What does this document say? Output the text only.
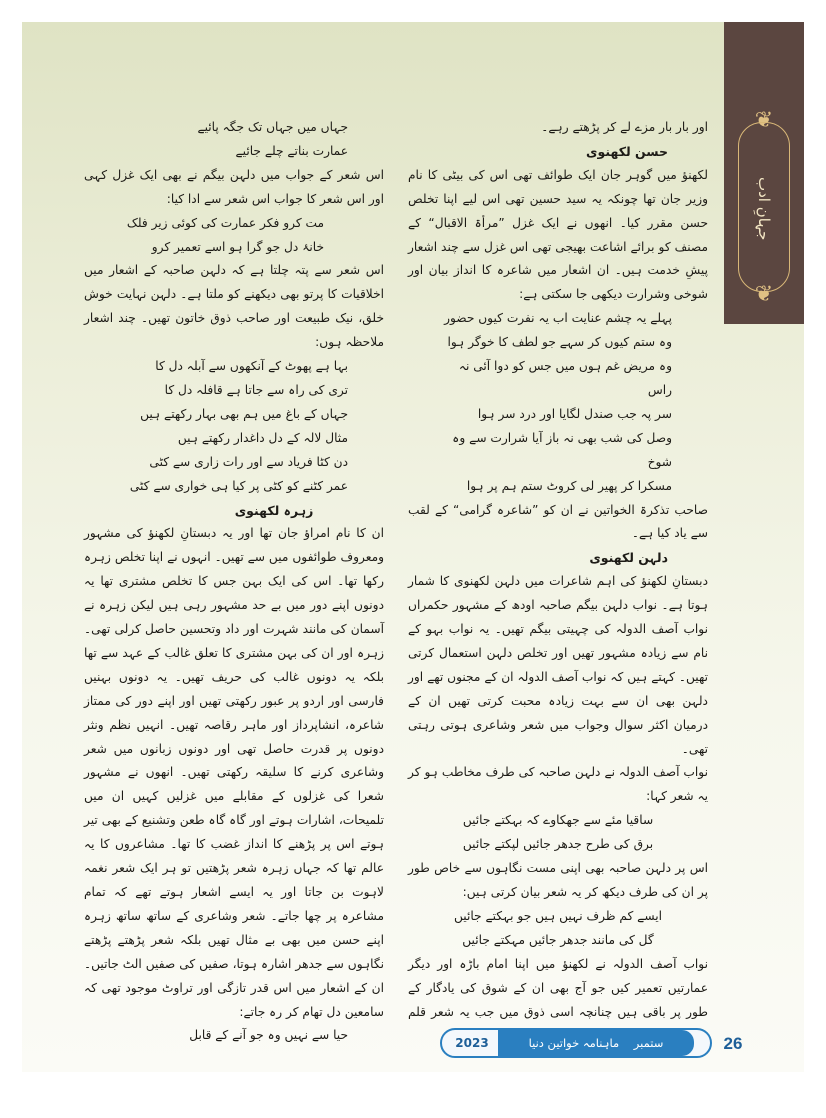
❦
جہانِ ادب
❦

اور بار بار مزے لے کر پڑھتے رہے۔

حسن لکھنوی

لکھنؤ میں گوہر جان ایک طوائف تھی اس کی بیٹی کا نام وزیر جان تھا چونکہ یہ سید حسین تھی اس لیے اپنا تخلص حسن مقرر کیا۔ انھوں نے ایک غزل ”مرأۃ الاقبال“ کے مصنف کو برائے اشاعت بھیجی تھی اس غزل سے چند اشعار پیشِ خدمت ہیں۔ ان اشعار میں شاعرہ کا انداز بیان اور شوخی وشرارت دیکھی جا سکتی ہے:

پہلے یہ چشم عنایت اب یہ نفرت کیوں حضور

وہ ستم کیوں کر سہے جو لطف کا خوگر ہوا

وہ مریض غم ہوں میں جس کو دوا آئی نہ راس

سر پہ جب صندل لگایا اور درد سر ہوا

وصل کی شب بھی نہ باز آیا شرارت سے وہ شوخ

مسکرا کر پھیر لی کروٹ ستم ہم پر ہوا

صاحب تذکرۃ الخواتین نے ان کو ”شاعرہ گرامی“ کے لقب سے یاد کیا ہے۔

دلہن لکھنوی

دبستانِ لکھنؤ کی اہم شاعرات میں دلہن لکھنوی کا شمار ہوتا ہے۔ نواب دلہن بیگم صاحبہ اودھ کے مشہور حکمراں نواب آصف الدولہ کی چہیتی بیگم تھیں۔ یہ نواب بہو کے نام سے زیادہ مشہور تھیں اور تخلص دلہن استعمال کرتی تھیں۔ کہتے ہیں کہ نواب آصف الدولہ ان کے مجنوں تھے اور دلہن بھی ان سے بہت زیادہ محبت کرتی تھیں ان کے درمیان اکثر سوال وجواب میں شعر وشاعری ہوتی رہتی تھی۔

نواب آصف الدولہ نے دلہن صاحبہ کی طرف مخاطب ہو کر یہ شعر کہا:

ساقیا مئے سے جھکاوے کہ بہکتے جائیں

برق کی طرح جدھر جائیں لپکتے جائیں

اس پر دلہن صاحبہ بھی اپنی مست نگاہوں سے خاص طور پر ان کی طرف دیکھ کر یہ شعر بیان کرتی ہیں:

ایسے کم ظرف نہیں ہیں جو بہکتے جائیں

گل کی مانند جدھر جائیں مہکتے جائیں

نواب آصف الدولہ نے لکھنؤ میں اپنا امام باڑہ اور دیگر عمارتیں تعمیر کیں جو آج بھی ان کے شوق کی یادگار کے طور پر باقی ہیں چنانچہ اسی ذوق میں جب یہ شعر قلم

جہاں میں جہاں تک جگہ پائیے

عمارت بناتے چلے جائیے

اس شعر کے جواب میں دلہن بیگم نے بھی ایک غزل کہی اور اس شعر کا جواب اس شعر سے ادا کیا:

مت کرو فکر عمارت کی کوئی زیر فلک

خانۂ دل جو گرا ہو اسے تعمیر کرو

اس شعر سے پتہ چلتا ہے کہ دلہن صاحبہ کے اشعار میں اخلاقیات کا پرتو بھی دیکھنے کو ملتا ہے۔ دلہن نہایت خوش خلق، نیک طبیعت اور صاحب ذوق خاتون تھیں۔ چند اشعار ملاحظہ ہوں:

بہا ہے پھوٹ کے آنکھوں سے آبلہ دل کا

تری کی راہ سے جاتا ہے قافلہ دل کا

جہاں کے باغ میں ہم بھی بہار رکھتے ہیں

مثال لالہ کے دل داغدار رکھتے ہیں

دن کٹا فریاد سے اور رات زاری سے کٹی

عمر کٹنے کو کٹی پر کیا ہی خواری سے کٹی

زہرہ لکھنوی

ان کا نام امراؤ جان تھا اور یہ دبستانِ لکھنؤ کی مشہور ومعروف طوائفوں میں سے تھیں۔ انہوں نے اپنا تخلص زہرہ رکھا تھا۔ اس کی ایک بہن جس کا تخلص مشتری تھا یہ دونوں اپنے دور میں بے حد مشہور رہی ہیں لیکن زہرہ نے آسمان کی مانند شہرت اور داد وتحسین حاصل کرلی تھی۔ زہرہ اور ان کی بہن مشتری کا تعلق غالب کے عہد سے تھا بلکہ یہ دونوں غالب کی حریف تھیں۔ یہ دونوں بہنیں فارسی اور اردو پر عبور رکھتی تھیں اور اپنے دور کی ممتاز شاعرہ، انشاپرداز اور ماہر رقاصہ تھیں۔ انہیں نظم ونثر دونوں پر قدرت حاصل تھی اور دونوں زبانوں میں شعر وشاعری کرنے کا سلیقہ رکھتی تھیں۔ انھوں نے مشہور شعرا کی غزلوں کے مقابلے میں غزلیں کہیں ان میں تلمیحات، اشارات ہوتے اور گاہ گاہ طعن وتشنیع کے بھی تیر ہوتے اس پر پڑھنے کا انداز غضب کا تھا۔ مشاعروں کا یہ عالم تھا کہ جہاں زہرہ شعر پڑھتیں تو ہر ایک شعر نغمہ لاہوت بن جاتا اور یہ ایسے اشعار ہوتے تھے کہ تمام مشاعرہ پر چھا جاتے۔ شعر وشاعری کے ساتھ ساتھ زہرہ اپنے حسن میں بھی بے مثال تھیں بلکہ شعر پڑھتے پڑھتے نگاہوں سے جدھر اشارہ ہوتا، صفیں کی صفیں الٹ جاتیں۔ ان کے اشعار میں اس قدر تازگی اور تراوٹ موجود تھی کہ سامعین دل تھام کر رہ جاتے:

حیا سے نہیں وہ جو آنے کے قابل

2023	ستمبر    ماہنامہ خواتین دنیا	26
